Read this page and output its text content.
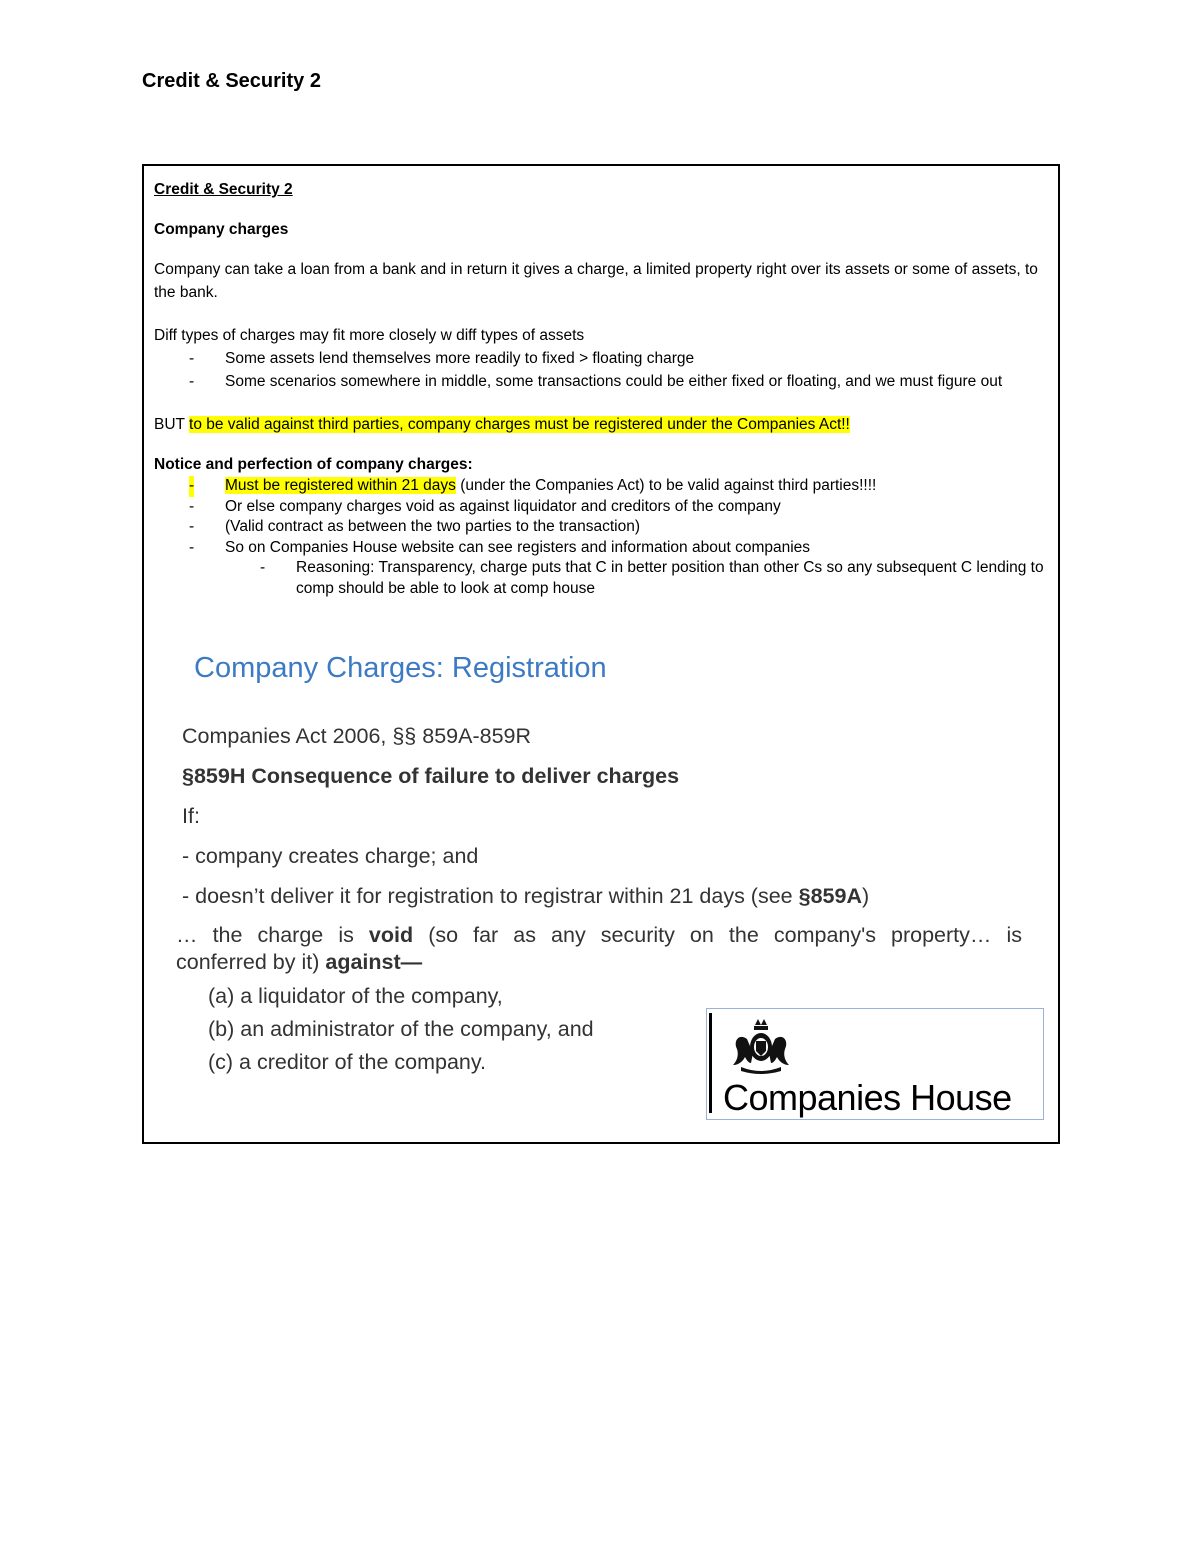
Credit & Security 2

Credit & Security 2

Company charges

Company can take a loan from a bank and in return it gives a charge, a limited property right over its assets or some of assets, to the bank.

Diff types of charges may fit more closely w diff types of assets

- Some assets lend themselves more readily to fixed > floating charge
- Some scenarios somewhere in middle, some transactions could be either fixed or floating, and we must figure out

BUT to be valid against third parties, company charges must be registered under the Companies Act!!

Notice and perfection of company charges:

- Must be registered within 21 days (under the Companies Act) to be valid against third parties!!!!
- Or else company charges void as against liquidator and creditors of the company
- (Valid contract as between the two parties to the transaction)
- So on Companies House website can see registers and information about companies
- Reasoning: Transparency, charge puts that C in better position than other Cs so any subsequent C lending to comp should be able to look at comp house
Company Charges: Registration
Companies Act 2006, §§ 859A-859R
§859H Consequence of failure to deliver charges
If:
- company creates charge; and
- doesn’t deliver it for registration to registrar within 21 days (see §859A)
… the charge is void (so far as any security on the company's property… is
conferred by it) against—
(a) a liquidator of the company,
(b) an administrator of the company, and
(c) a creditor of the company.
Companies House
